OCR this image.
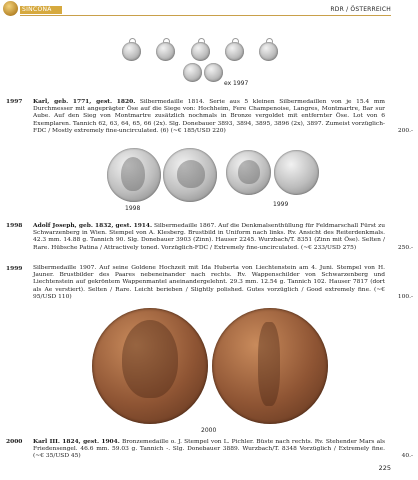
SINCONA	RDR / ÖSTERREICH
ex 1997
1997 Karl, geb. 1771, gest. 1820. Silbermedaille 1814. Serie aus 5 kleinen Silbermedaillen von je 15.4 mm Durchmesser mit angeprägter Öse auf die Siege von: Hochheim, Fere Champenoise, Langres, Montmartre, Bar sur Aube. Auf den Sieg von Montmartre zusätzlich nochmals in Bronze vergoldet mit entfernter Öse. Lot von 6 Exemplaren. Tannich 62, 63, 64, 65, 66 (2x). Slg. Donebauer 3893, 3894, 3895, 3896 (2x), 3897. Zumeist vorzüglich-FDC / Mostly extremely fine-uncirculated. (6) (~€ 185/USD 220)	200.-
1998
1999
1998 Adolf Joseph, geb. 1832, gest. 1914. Silbermedaille 1867. Auf die Denkmalsenthüllung für Feldmarschall Fürst zu Schwarzenberg in Wien. Stempel von A. Klesberg. Brustbild in Uniform nach links. Rv. Ansicht des Reiterdenkmals. 42.3 mm. 14.88 g. Tannich 90. Slg. Donebauer 3903 (Zinn). Hauser 2245. Wurzbach/T. 8351 (Zinn mit Öse). Selten / Rare. Hübsche Patina / Attractively toned. Vorzüglich-FDC / Extremely fine-uncirculated. (~€ 233/USD 275)	250.-
1999 Silbermedaille 1907. Auf seine Goldene Hochzeit mit Ida Huberta von Liechtenstein am 4. Juni. Stempel von H. Jauner. Brustbilder des Paares nebeneinander nach rechts. Rv. Wappenschilder von Schwarzenberg und Liechtenstein auf gekröntem Wappenmantel aneinandergelehnt. 29.3 mm. 12.54 g. Tannich 102. Hauser 7817 (dort als Ae verstiert). Selten / Rare. Leicht berieben / Slightly polished. Gutes vorzüglich / Good extremely fine. (~€ 95/USD 110)	100.-
2000
2000 Karl III. 1824, gest. 1904. Bronzemedaille o. J. Stempel von L. Pichler. Büste nach rechts. Rv. Stehender Mars als Friedensengel. 46.6 mm. 59.03 g. Tannich -. Slg. Donebauer 3889. Wurzbach/T. 8348 Vorzüglich / Extremely fine. (~€ 35/USD 45)	40.-
225
